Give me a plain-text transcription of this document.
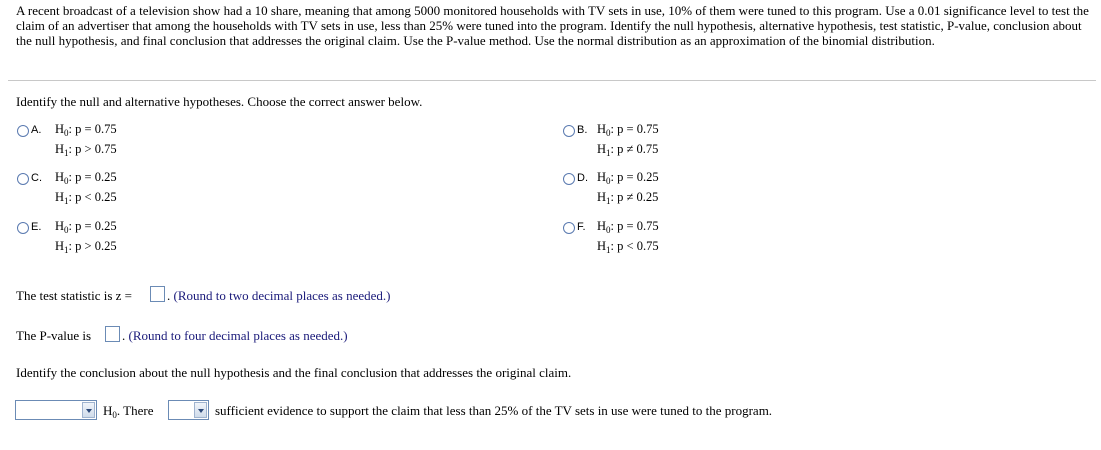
A recent broadcast of a television show had a 10 share, meaning that among 5000 monitored households with TV sets in use, 10% of them were tuned to this program. Use a 0.01 significance level to test the claim of an advertiser that among the households with TV sets in use, less than 25% were tuned into the program. Identify the null hypothesis, alternative hypothesis, test statistic, P-value, conclusion about the null hypothesis, and final conclusion that addresses the original claim. Use the P-value method. Use the normal distribution as an approximation of the binomial distribution.
Identify the null and alternative hypotheses. Choose the correct answer below.
A. $H_0$: p = 0.75
$H_1$: p > 0.75
B. $H_0$: p = 0.75
$H_1$: p ≠ 0.75
C. $H_0$: p = 0.25
$H_1$: p < 0.25
D. $H_0$: p = 0.25
$H_1$: p ≠ 0.25
E. $H_0$: p = 0.25
$H_1$: p > 0.25
F. $H_0$: p = 0.75
$H_1$: p < 0.75
The test statistic is z =	. (Round to two decimal places as needed.)
The P-value is . (Round to four decimal places as needed.)
Identify the conclusion about the null hypothesis and the final conclusion that addresses the original claim.
$H_0$. There	sufficient evidence to support the claim that less than 25% of the TV sets in use were tuned to the program.
